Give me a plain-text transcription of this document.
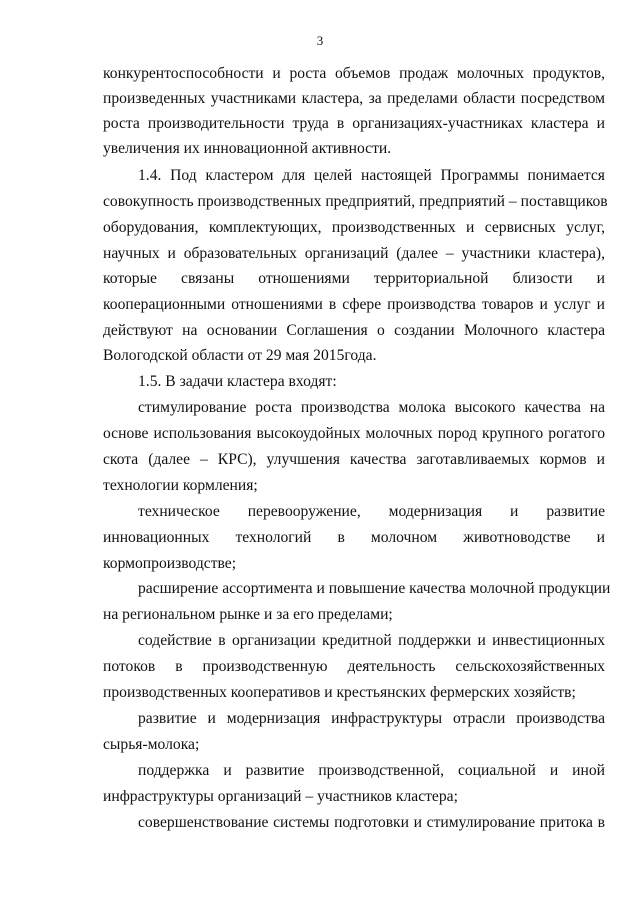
3
конкурентоспособности и роста объемов продаж молочных продуктов,
произведенных участниками кластера, за пределами области посредством
роста производительности труда в организациях-участниках кластера и
увеличения их инновационной активности.
1.4. Под кластером для целей настоящей Программы понимается
совокупность производственных предприятий, предприятий – поставщиков
оборудования, комплектующих, производственных и сервисных услуг,
научных и образовательных организаций (далее – участники кластера),
которые связаны отношениями территориальной близости и
кооперационными отношениями в сфере производства товаров и услуг и
действуют на основании Соглашения о создании Молочного кластера
Вологодской области от 29 мая 2015года.
1.5. В задачи кластера входят:
стимулирование роста производства молока высокого качества на
основе использования высокоудойных молочных пород крупного рогатого
скота (далее – КРС), улучшения качества заготавливаемых кормов и
технологии кормления;
техническое перевооружение, модернизация и развитие
инновационных технологий в молочном животноводстве и
кормопроизводстве;
расширение ассортимента и повышение качества молочной продукции
на региональном рынке и за его пределами;
содействие в организации кредитной поддержки и инвестиционных
потоков в производственную деятельность сельскохозяйственных
производственных кооперативов и крестьянских фермерских хозяйств;
развитие и модернизация инфраструктуры отрасли производства
сырья-молока;
поддержка и развитие производственной, социальной и иной
инфраструктуры организаций – участников кластера;
совершенствование системы подготовки и стимулирование притока в
